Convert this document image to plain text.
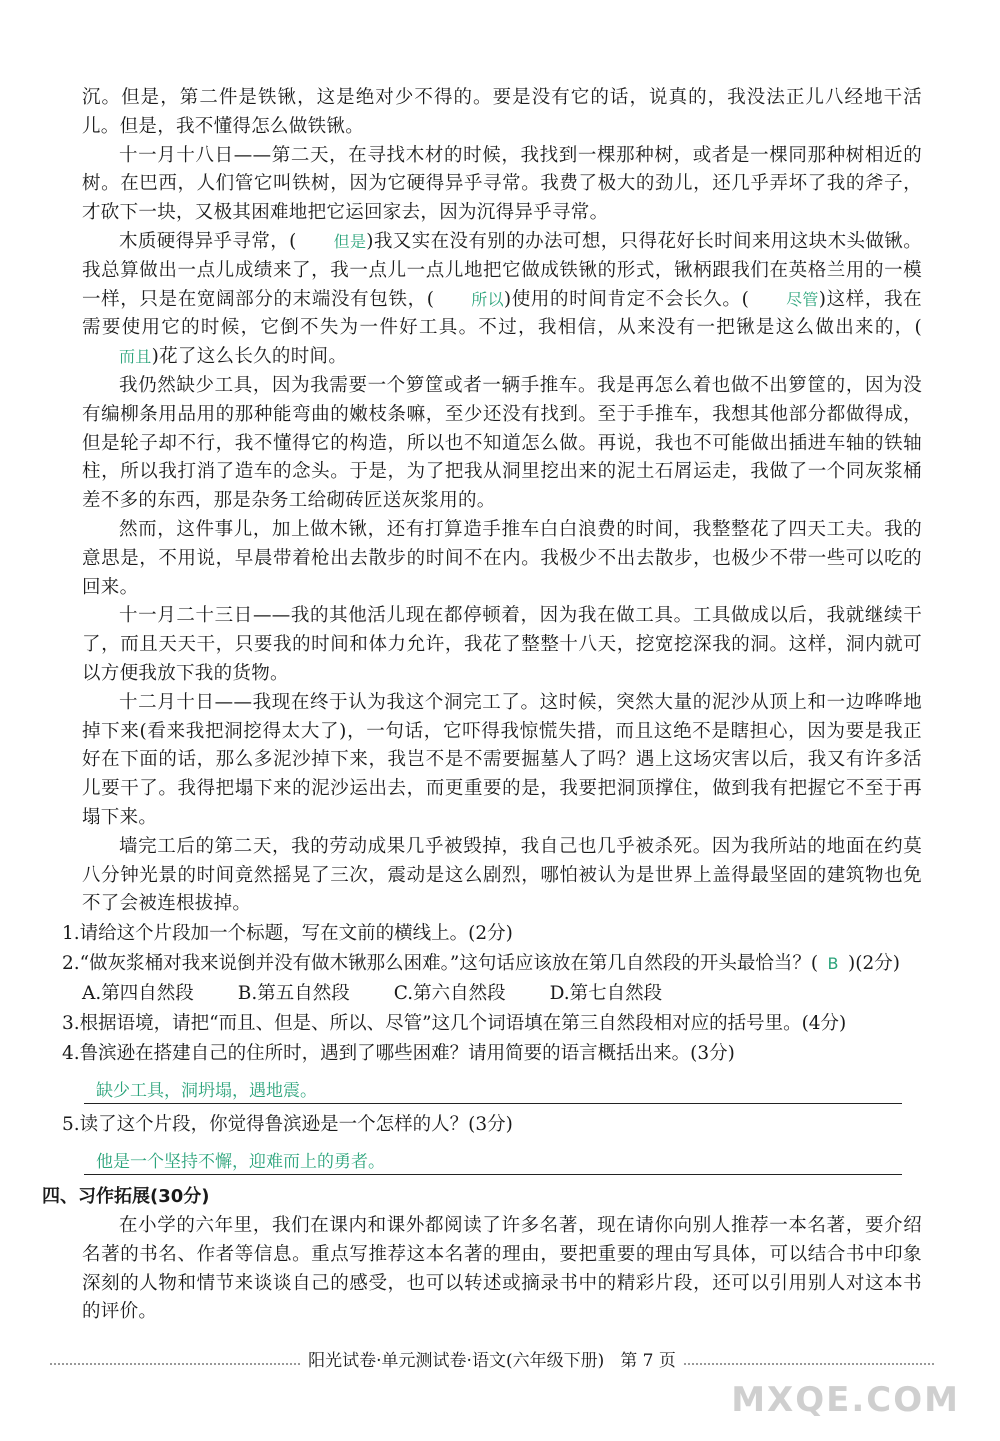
沉。但是，第二件是铁锹，这是绝对少不得的。要是没有它的话，说真的，我没法正儿八经地干活儿。但是，我不懂得怎么做铁锹。

十一月十八日——第二天，在寻找木材的时候，我找到一棵那种树，或者是一棵同那种树相近的树。在巴西，人们管它叫铁树，因为它硬得异乎寻常。我费了极大的劲儿，还几乎弄坏了我的斧子，才砍下一块，又极其困难地把它运回家去，因为沉得异乎寻常。

木质硬得异乎寻常，( 但是)我又实在没有别的办法可想，只得花好长时间来用这块木头做锹。我总算做出一点儿成绩来了，我一点儿一点儿地把它做成铁锹的形式，锹柄跟我们在英格兰用的一模一样，只是在宽阔部分的末端没有包铁，( 所以)使用的时间肯定不会长久。( 尽管)这样，我在需要使用它的时候，它倒不失为一件好工具。不过，我相信，从来没有一把锹是这么做出来的，(而且)花了这么长久的时间。

我仍然缺少工具，因为我需要一个箩筐或者一辆手推车。我是再怎么着也做不出箩筐的，因为没有编柳条用品用的那种能弯曲的嫩枝条嘛，至少还没有找到。至于手推车，我想其他部分都做得成，但是轮子却不行，我不懂得它的构造，所以也不知道怎么做。再说，我也不可能做出插进车轴的铁轴柱，所以我打消了造车的念头。于是，为了把我从洞里挖出来的泥土石屑运走，我做了一个同灰浆桶差不多的东西，那是杂务工给砌砖匠送灰浆用的。

然而，这件事儿，加上做木锹，还有打算造手推车白白浪费的时间，我整整花了四天工夫。我的意思是，不用说，早晨带着枪出去散步的时间不在内。我极少不出去散步，也极少不带一些可以吃的回来。

十一月二十三日——我的其他活儿现在都停顿着，因为我在做工具。工具做成以后，我就继续干了，而且天天干，只要我的时间和体力允许，我花了整整十八天，挖宽挖深我的洞。这样，洞内就可以方便我放下我的货物。

十二月十日——我现在终于认为我这个洞完工了。这时候，突然大量的泥沙从顶上和一边哗哗地掉下来(看来我把洞挖得太大了)，一句话，它吓得我惊慌失措，而且这绝不是瞎担心，因为要是我正好在下面的话，那么多泥沙掉下来，我岂不是不需要掘墓人了吗？遇上这场灾害以后，我又有许多活儿要干了。我得把塌下来的泥沙运出去，而更重要的是，我要把洞顶撑住，做到我有把握它不至于再塌下来。

墙完工后的第二天，我的劳动成果几乎被毁掉，我自己也几乎被杀死。因为我所站的地面在约莫八分钟光景的时间竟然摇晃了三次，震动是这么剧烈，哪怕被认为是世界上盖得最坚固的建筑物也免不了会被连根拔掉。

1.请给这个片段加一个标题，写在文前的横线上。(2分)

2.“做灰浆桶对我来说倒并没有做木锹那么困难。”这句话应该放在第几自然段的开头最恰当？( B )(2分)

A.第四自然段 B.第五自然段 C.第六自然段 D.第七自然段

3.根据语境，请把“而且、但是、所以、尽管”这几个词语填在第三自然段相对应的括号里。(4分)

4.鲁滨逊在搭建自己的住所时，遇到了哪些困难？请用简要的语言概括出来。(3分)

缺少工具，洞坍塌，遇地震。

5.读了这个片段，你觉得鲁滨逊是一个怎样的人？(3分)

他是一个坚持不懈，迎难而上的勇者。
四、习作拓展(30分)

在小学的六年里，我们在课内和课外都阅读了许多名著，现在请你向别人推荐一本名著，要介绍名著的书名、作者等信息。重点写推荐这本名著的理由，要把重要的理由写具体，可以结合书中印象深刻的人物和情节来谈谈自己的感受，也可以转述或摘录书中的精彩片段，还可以引用别人对这本书的评价。

阳光试卷·单元测试卷·语文(六年级下册) 第 7 页
MXQE.COM
